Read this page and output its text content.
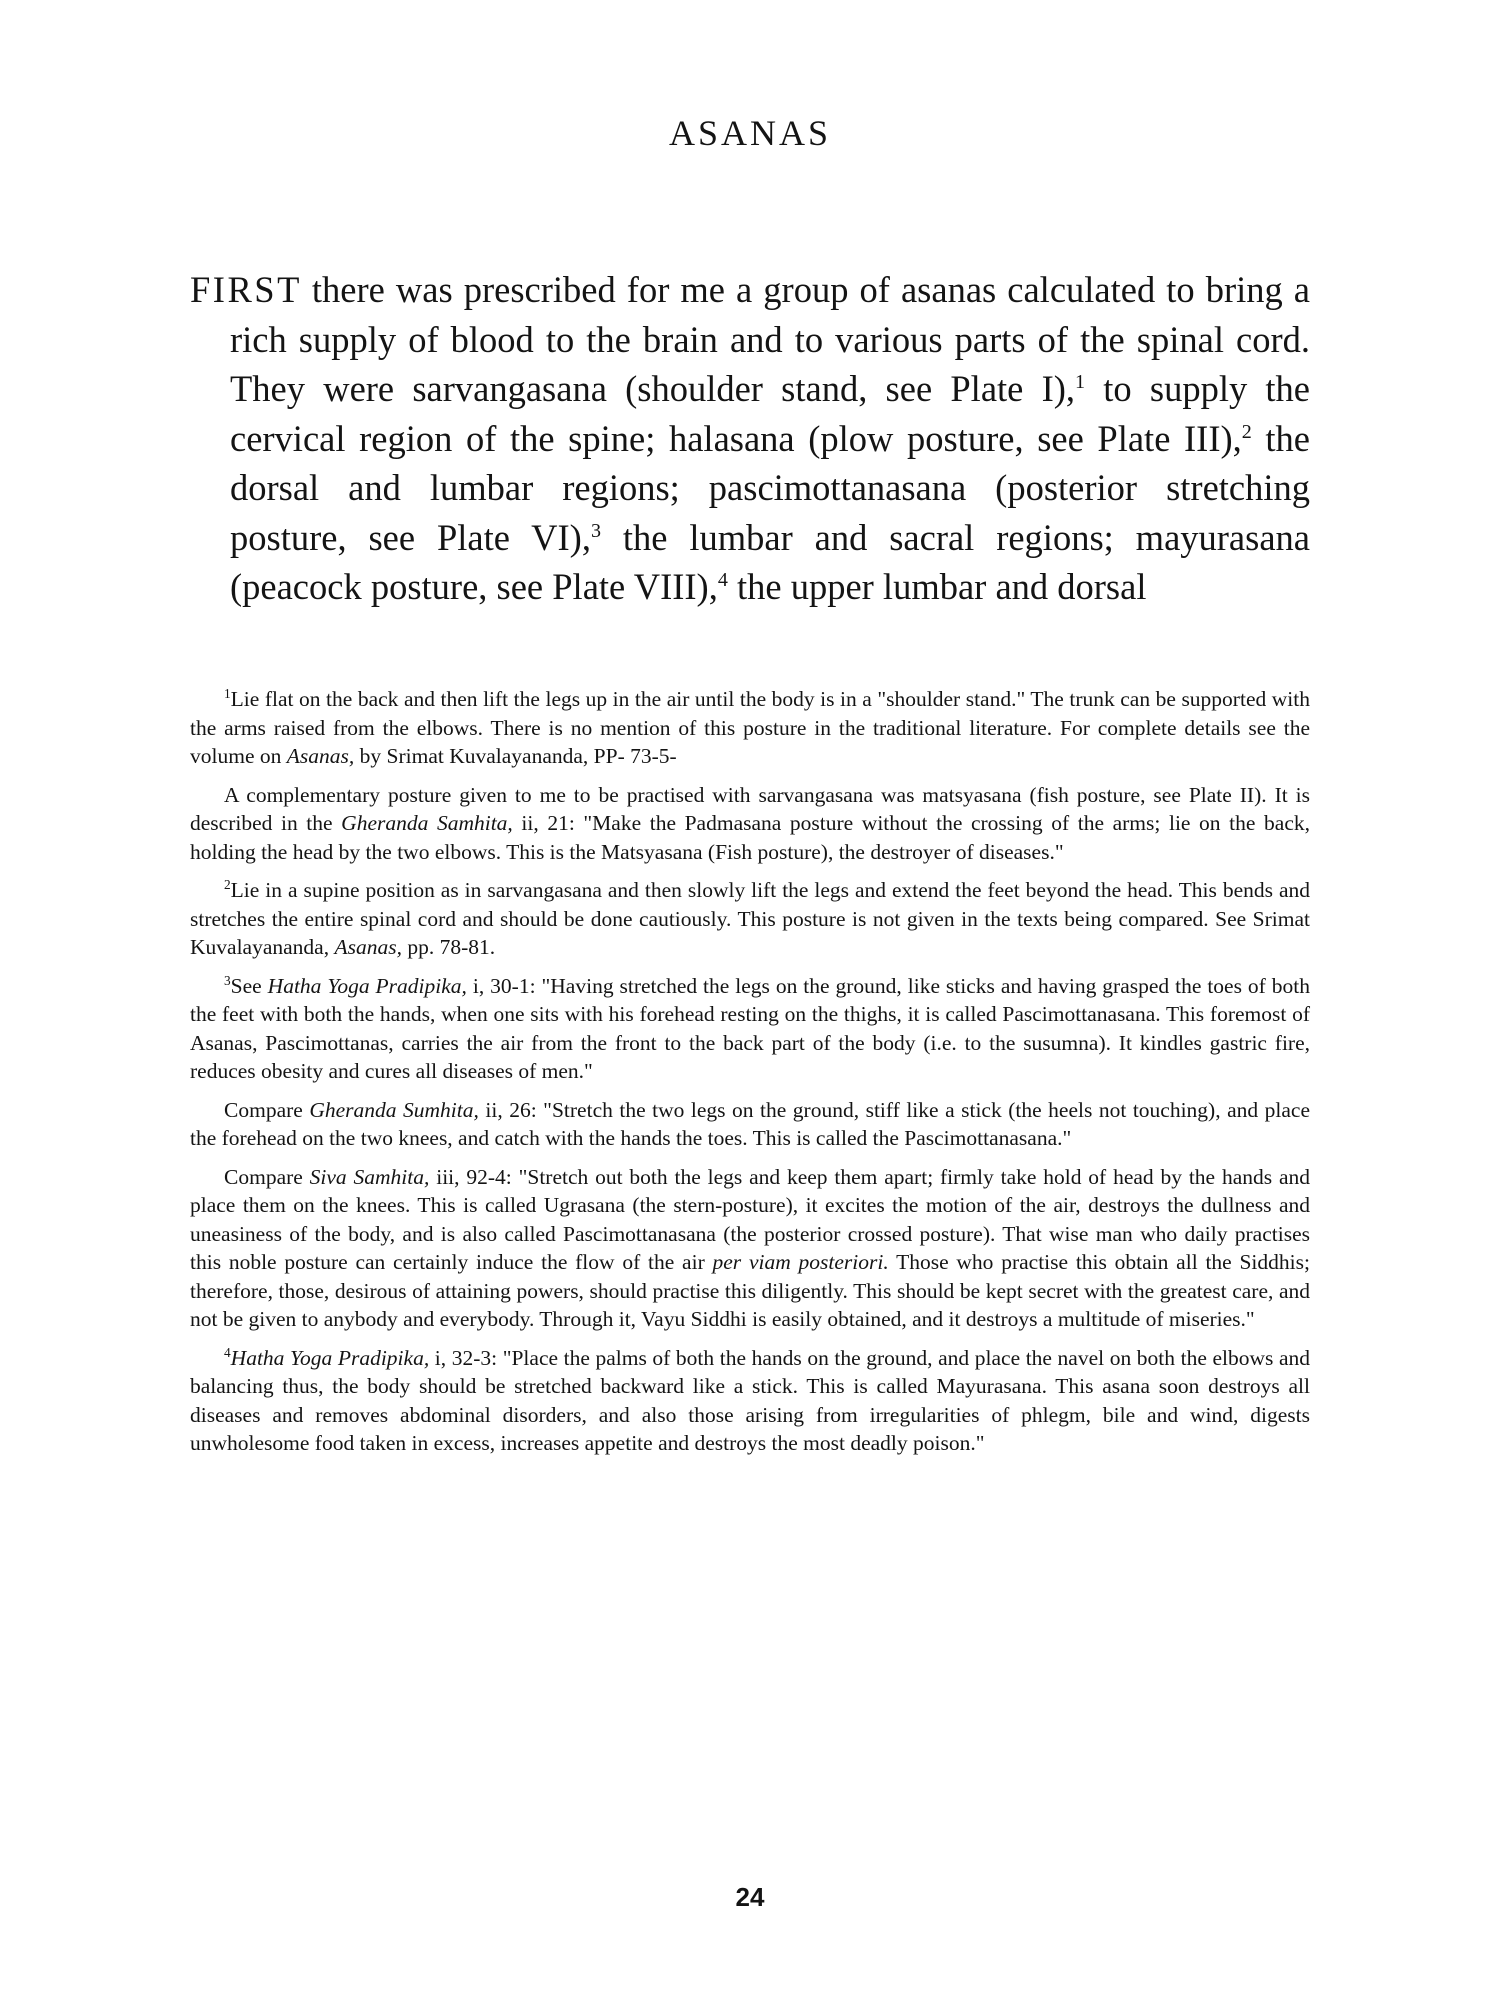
ASANAS

FIRST there was prescribed for me a group of asanas calculated to bring a rich supply of blood to the brain and to various parts of the spinal cord. They were sarvangasana (shoulder stand, see Plate I),$^1$ to supply the cervical region of the spine; halasana (plow posture, see Plate III),$^2$ the dorsal and lumbar regions; pascimottanasana (posterior stretching posture, see Plate VI),$^3$ the lumbar and sacral regions; mayurasana (peacock posture, see Plate VIII),$^4$ the upper lumbar and dorsal

$^1$Lie flat on the back and then lift the legs up in the air until the body is in a "shoulder stand." The trunk can be supported with the arms raised from the elbows. There is no mention of this posture in the traditional literature. For complete details see the volume on Asanas, by Srimat Kuvalayananda, PP- 73-5-

A complementary posture given to me to be practised with sarvangasana was matsyasana (fish posture, see Plate II). It is described in the Gheranda Samhita, ii, 21: "Make the Padmasana posture without the crossing of the arms; lie on the back, holding the head by the two elbows. This is the Matsyasana (Fish posture), the destroyer of diseases."

$^2$Lie in a supine position as in sarvangasana and then slowly lift the legs and extend the feet beyond the head. This bends and stretches the entire spinal cord and should be done cautiously. This posture is not given in the texts being compared. See Srimat Kuvalayananda, Asanas, pp. 78-81.

$^3$See Hatha Yoga Pradipika, i, 30-1: "Having stretched the legs on the ground, like sticks and having grasped the toes of both the feet with both the hands, when one sits with his forehead resting on the thighs, it is called Pascimottanasana. This foremost of Asanas, Pascimottanas, carries the air from the front to the back part of the body (i.e. to the susumna). It kindles gastric fire, reduces obesity and cures all diseases of men."

Compare Gheranda Sumhita, ii, 26: "Stretch the two legs on the ground, stiff like a stick (the heels not touching), and place the forehead on the two knees, and catch with the hands the toes. This is called the Pascimottanasana."

Compare Siva Samhita, iii, 92-4: "Stretch out both the legs and keep them apart; firmly take hold of head by the hands and place them on the knees. This is called Ugrasana (the stern-posture), it excites the motion of the air, destroys the dullness and uneasiness of the body, and is also called Pascimottanasana (the posterior crossed posture). That wise man who daily practises this noble posture can certainly induce the flow of the air per viam posteriori. Those who practise this obtain all the Siddhis; therefore, those, desirous of attaining powers, should practise this diligently. This should be kept secret with the greatest care, and not be given to anybody and everybody. Through it, Vayu Siddhi is easily obtained, and it destroys a multitude of miseries."

$^4$Hatha Yoga Pradipika, i, 32-3: "Place the palms of both the hands on the ground, and place the navel on both the elbows and balancing thus, the body should be stretched backward like a stick. This is called Mayurasana. This asana soon destroys all diseases and removes abdominal disorders, and also those arising from irregularities of phlegm, bile and wind, digests unwholesome food taken in excess, increases appetite and destroys the most deadly poison."

24
